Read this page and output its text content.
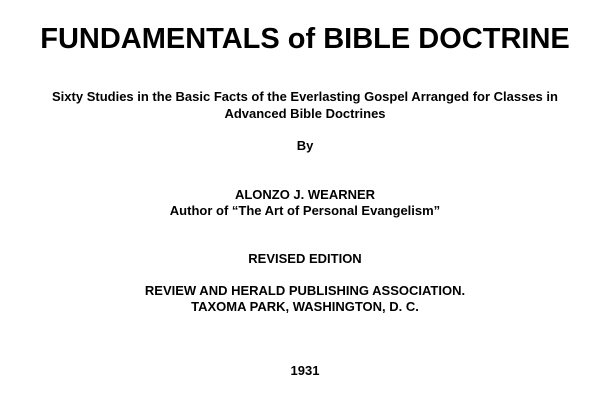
FUNDAMENTALS of BIBLE DOCTRINE
Sixty Studies in the Basic Facts of the Everlasting Gospel Arranged for Classes in
Advanced Bible Doctrines
By
ALONZO J. WEARNER
Author of “The Art of Personal Evangelism”
REVISED EDITION
REVIEW AND HERALD PUBLISHING ASSOCIATION.
TAXOMA PARK, WASHINGTON, D. C.
1931
